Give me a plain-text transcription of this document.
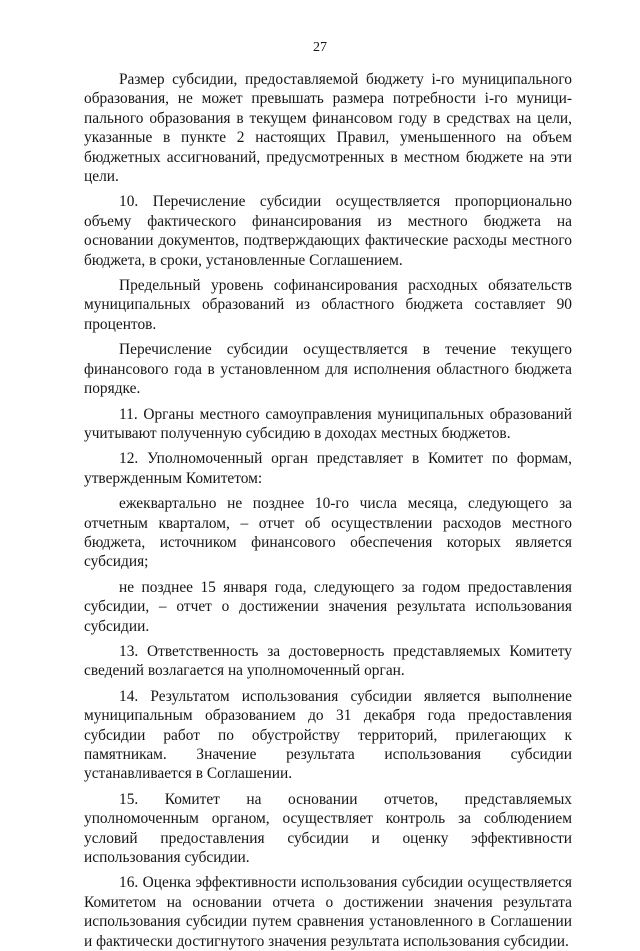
27

Размер субсидии, предоставляемой бюджету i-го муниципального образования, не может превышать размера потребности i-го муниципального образования в текущем финансовом году в средствах на цели, указанные в пункте 2 настоящих Правил, уменьшенного на объем бюджетных ассигнований, предусмотренных в местном бюджете на эти цели.

10. Перечисление субсидии осуществляется пропорционально объему фактического финансирования из местного бюджета на основании документов, подтверждающих фактические расходы местного бюджета, в сроки, установленные Соглашением.

Предельный уровень софинансирования расходных обязательств муниципальных образований из областного бюджета составляет 90 процентов.

Перечисление субсидии осуществляется в течение текущего финансового года в установленном для исполнения областного бюджета порядке.

11. Органы местного самоуправления муниципальных образований учитывают полученную субсидию в доходах местных бюджетов.

12. Уполномоченный орган представляет в Комитет по формам, утвержденным Комитетом:

ежеквартально не позднее 10-го числа месяца, следующего за отчетным кварталом, – отчет об осуществлении расходов местного бюджета, источником финансового обеспечения которых является субсидия;

не позднее 15 января года, следующего за годом предоставления субсидии, – отчет о достижении значения результата использования субсидии.

13. Ответственность за достоверность представляемых Комитету сведений возлагается на уполномоченный орган.

14. Результатом использования субсидии является выполнение муниципальным образованием до 31 декабря года предоставления субсидии работ по обустройству территорий, прилегающих к памятникам. Значение результата использования субсидии устанавливается в Соглашении.

15. Комитет на основании отчетов, представляемых уполномоченным органом, осуществляет контроль за соблюдением условий предоставления субсидии и оценку эффективности использования субсидии.

16. Оценка эффективности использования субсидии осуществляется Комитетом на основании отчета о достижении значения результата использования субсидии путем сравнения установленного в Соглашении и фактически достигнутого значения результата использования субсидии.
